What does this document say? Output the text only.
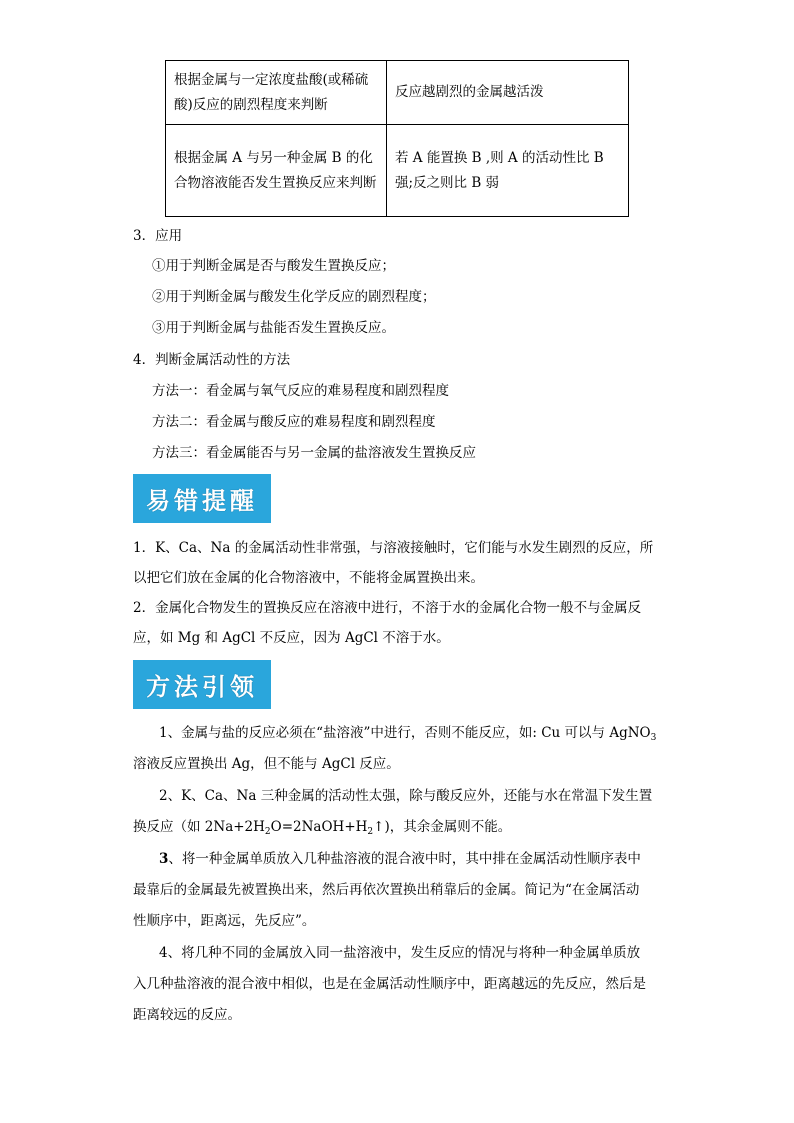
根据金属与一定浓度盐酸(或稀硫酸)反应的剧烈程度来判断	反应越剧烈的金属越活泼
根据金属 A 与另一种金属 B 的化合物溶液能否发生置换反应来判断	若 A 能置换 B ,则 A 的活动性比 B 强;反之则比 B 弱
3．应用
①用于判断金属是否与酸发生置换反应；
②用于判断金属与酸发生化学反应的剧烈程度；
③用于判断金属与盐能否发生置换反应。
4．判断金属活动性的方法
方法一：看金属与氧气反应的难易程度和剧烈程度
方法二：看金属与酸反应的难易程度和剧烈程度
方法三：看金属能否与另一金属的盐溶液发生置换反应
易错提醒
1．K、Ca、Na 的金属活动性非常强，与溶液接触时，它们能与水发生剧烈的反应，所
以把它们放在金属的化合物溶液中，不能将金属置换出来。
2．金属化合物发生的置换反应在溶液中进行，不溶于水的金属化合物一般不与金属反
应，如 Mg 和 AgCl 不反应，因为 AgCl 不溶于水。
方法引领
1、金属与盐的反应必须在“盐溶液”中进行，否则不能反应，如: Cu 可以与 AgNO$_3$
溶液反应置换出 Ag，但不能与 AgCl 反应。
2、K、Ca、Na 三种金属的活动性太强，除与酸反应外，还能与水在常温下发生置
换反应（如 $2Na+2H_2O=2NaOH+H_2↑$)，其余金属则不能。
3、将一种金属单质放入几种盐溶液的混合液中时，其中排在金属活动性顺序表中
最靠后的金属最先被置换出来，然后再依次置换出稍靠后的金属。简记为“在金属活动
性顺序中，距离远，先反应”。
4、将几种不同的金属放入同一盐溶液中，发生反应的情况与将种一种金属单质放
入几种盐溶液的混合液中相似，也是在金属活动性顺序中，距离越远的先反应，然后是
距离较远的反应。
